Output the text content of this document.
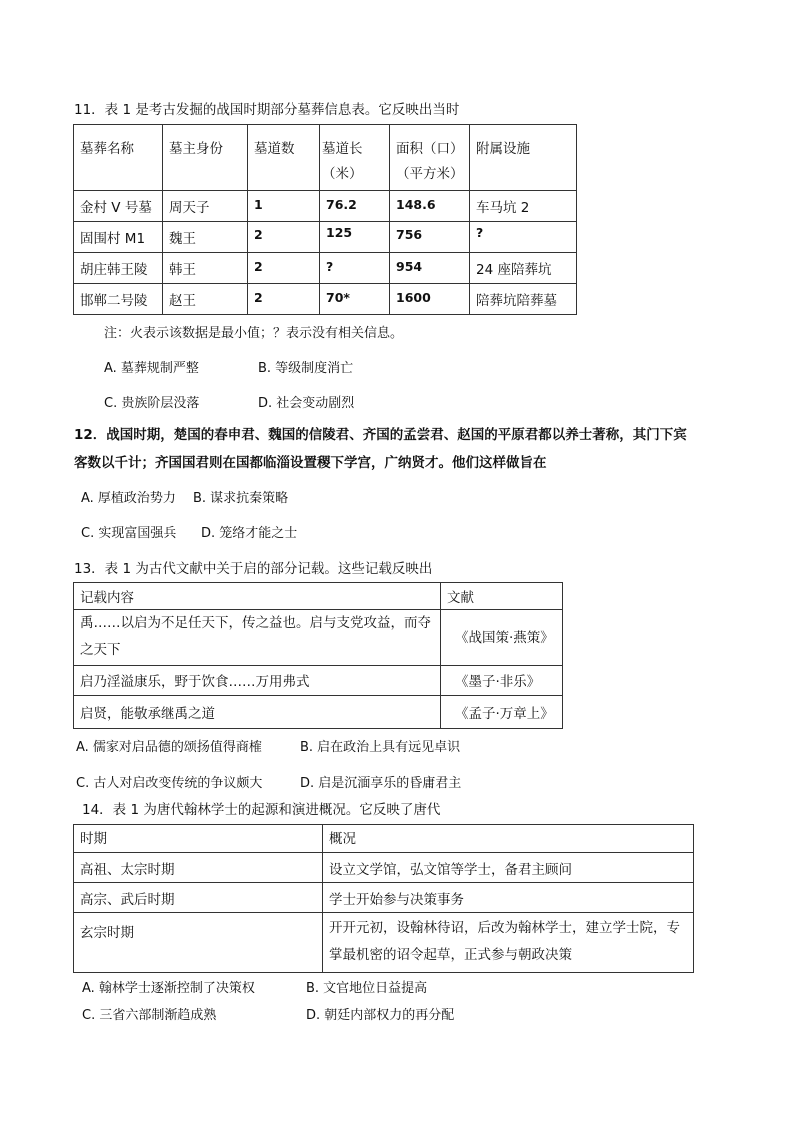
11．表 1 是考古发掘的战国时期部分墓葬信息表。它反映出当时
墓葬名称	墓主身份	墓道数	墓道长（米）	面积（口）（平方米）	附属设施
金村 V 号墓	周天子	1	76.2	148.6	车马坑 2
固围村 M1	魏王	2	125	756	?
胡庄韩王陵	韩王	2	?	954	24 座陪葬坑
邯郸二号陵	赵王	2	70*	1600	陪葬坑陪葬墓
注：火表示该数据是最小值；？表示没有相关信息。
A. 墓葬规制严整	B. 等级制度消亡
C. 贵族阶层没落	D. 社会变动剧烈
12．战国时期，楚国的春申君、魏国的信陵君、齐国的孟尝君、赵国的平原君都以养士著称，其门下宾
客数以千计；齐国国君则在国都临淄设置稷下学宫，广纳贤才。他们这样做旨在
A. 厚植政治势力 B. 谋求抗秦策略
C. 实现富国强兵 D. 笼络才能之士
13．表 1 为古代文献中关于启的部分记载。这些记载反映出
记载内容	文献
禹……以启为不足任天下，传之益也。启与支党攻益，而夺之天下	《战国策·燕策》
启乃淫溢康乐，野于饮食……万用弗式	《墨子·非乐》
启贤，能敬承继禹之道	《孟子·万章上》
A. 儒家对启品德的颂扬值得商榷	B. 启在政治上具有远见卓识
C. 古人对启改变传统的争议颇大	D. 启是沉湎享乐的昏庸君主
14．表 1 为唐代翰林学士的起源和演进概况。它反映了唐代
时期	概况
高祖、太宗时期	设立文学馆，弘文馆等学士，备君主顾问
高宗、武后时期	学士开始参与决策事务
玄宗时期	开开元初，设翰林待诏，后改为翰林学士，建立学士院，专掌最机密的诏令起草，正式参与朝政决策
A. 翰林学士逐渐控制了决策权	B. 文官地位日益提高
C. 三省六部制渐趋成熟	D. 朝廷内部权力的再分配
